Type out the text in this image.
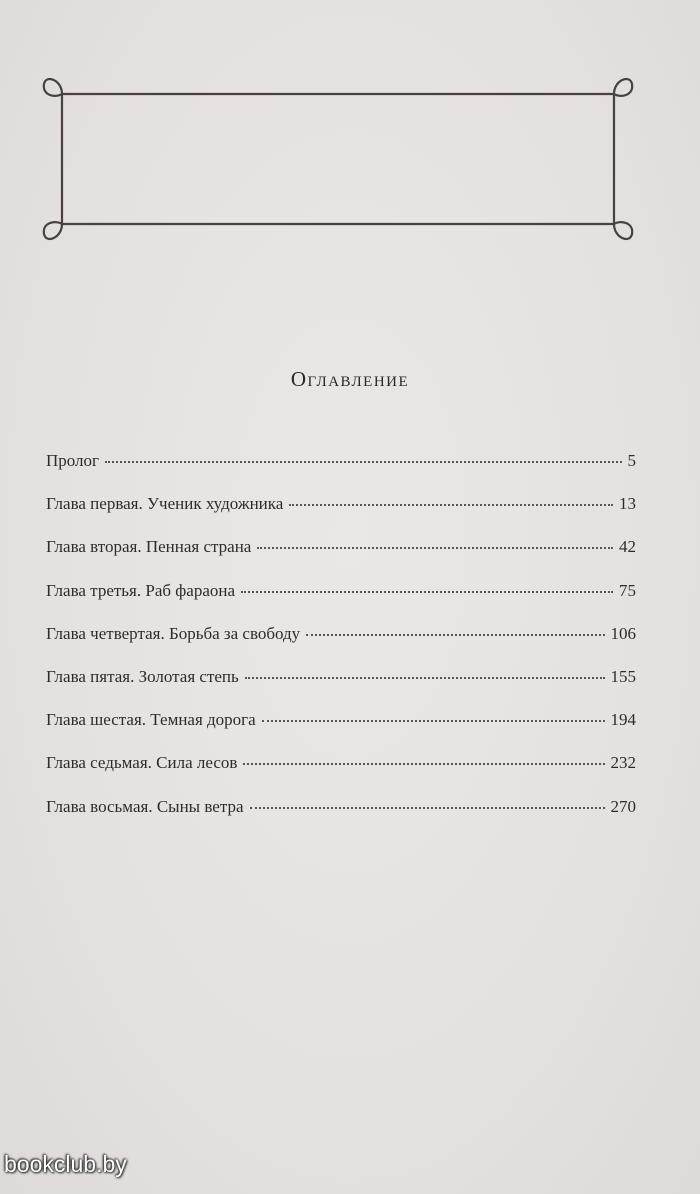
Оглавление
Пролог	5
Глава первая. Ученик художника	13
Глава вторая. Пенная страна	42
Глава третья. Раб фараона	75
Глава четвертая. Борьба за свободу	106
Глава пятая. Золотая степь	155
Глава шестая. Темная дорога	194
Глава седьмая. Сила лесов	232
Глава восьмая. Сыны ветра	270
bookclub.by
